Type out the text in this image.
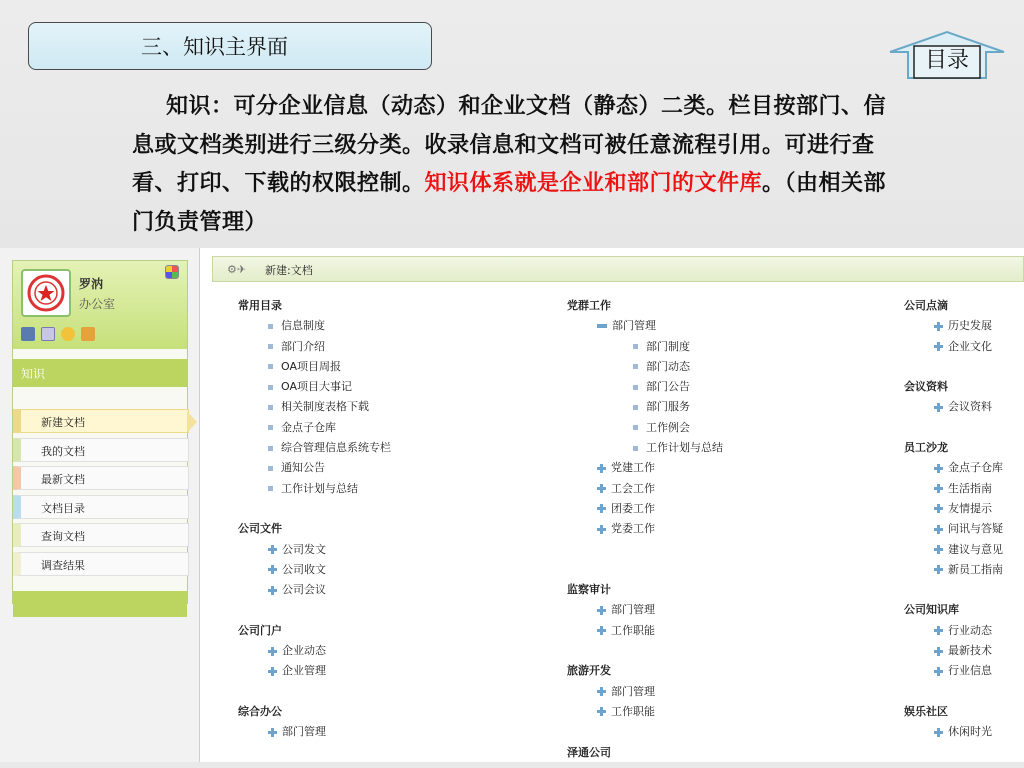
三、知识主界面
目录
知识：可分企业信息（动态）和企业文档（静态）二类。栏目按部门、信息或文档类别进行三级分类。收录信息和文档可被任意流程引用。可进行查看、打印、下载的权限控制。知识体系就是企业和部门的文件库。（由相关部门负责管理）
罗汭
办公室
知识
新建文档
我的文档
最新文档
文档目录
查询文档
调查结果
⚙✈ 新建:文档
常用目录
信息制度
部门介绍
OA项目周报
OA项目大事记
相关制度表格下载
金点子仓库
综合管理信息系统专栏
通知公告
工作计划与总结
公司文件
公司发文
公司收文
公司会议
公司门户
企业动态
企业管理
综合办公
部门管理
党群工作
部门管理
部门制度
部门动态
部门公告
部门服务
工作例会
工作计划与总结
党建工作
工会工作
团委工作
党委工作
监察审计
部门管理
工作职能
旅游开发
部门管理
工作职能
泽通公司
公司点滴
历史发展
企业文化
会议资料
会议资料
员工沙龙
金点子仓库
生活指南
友情提示
问讯与答疑
建议与意见
新员工指南
公司知识库
行业动态
最新技术
行业信息
娱乐社区
休闲时光
